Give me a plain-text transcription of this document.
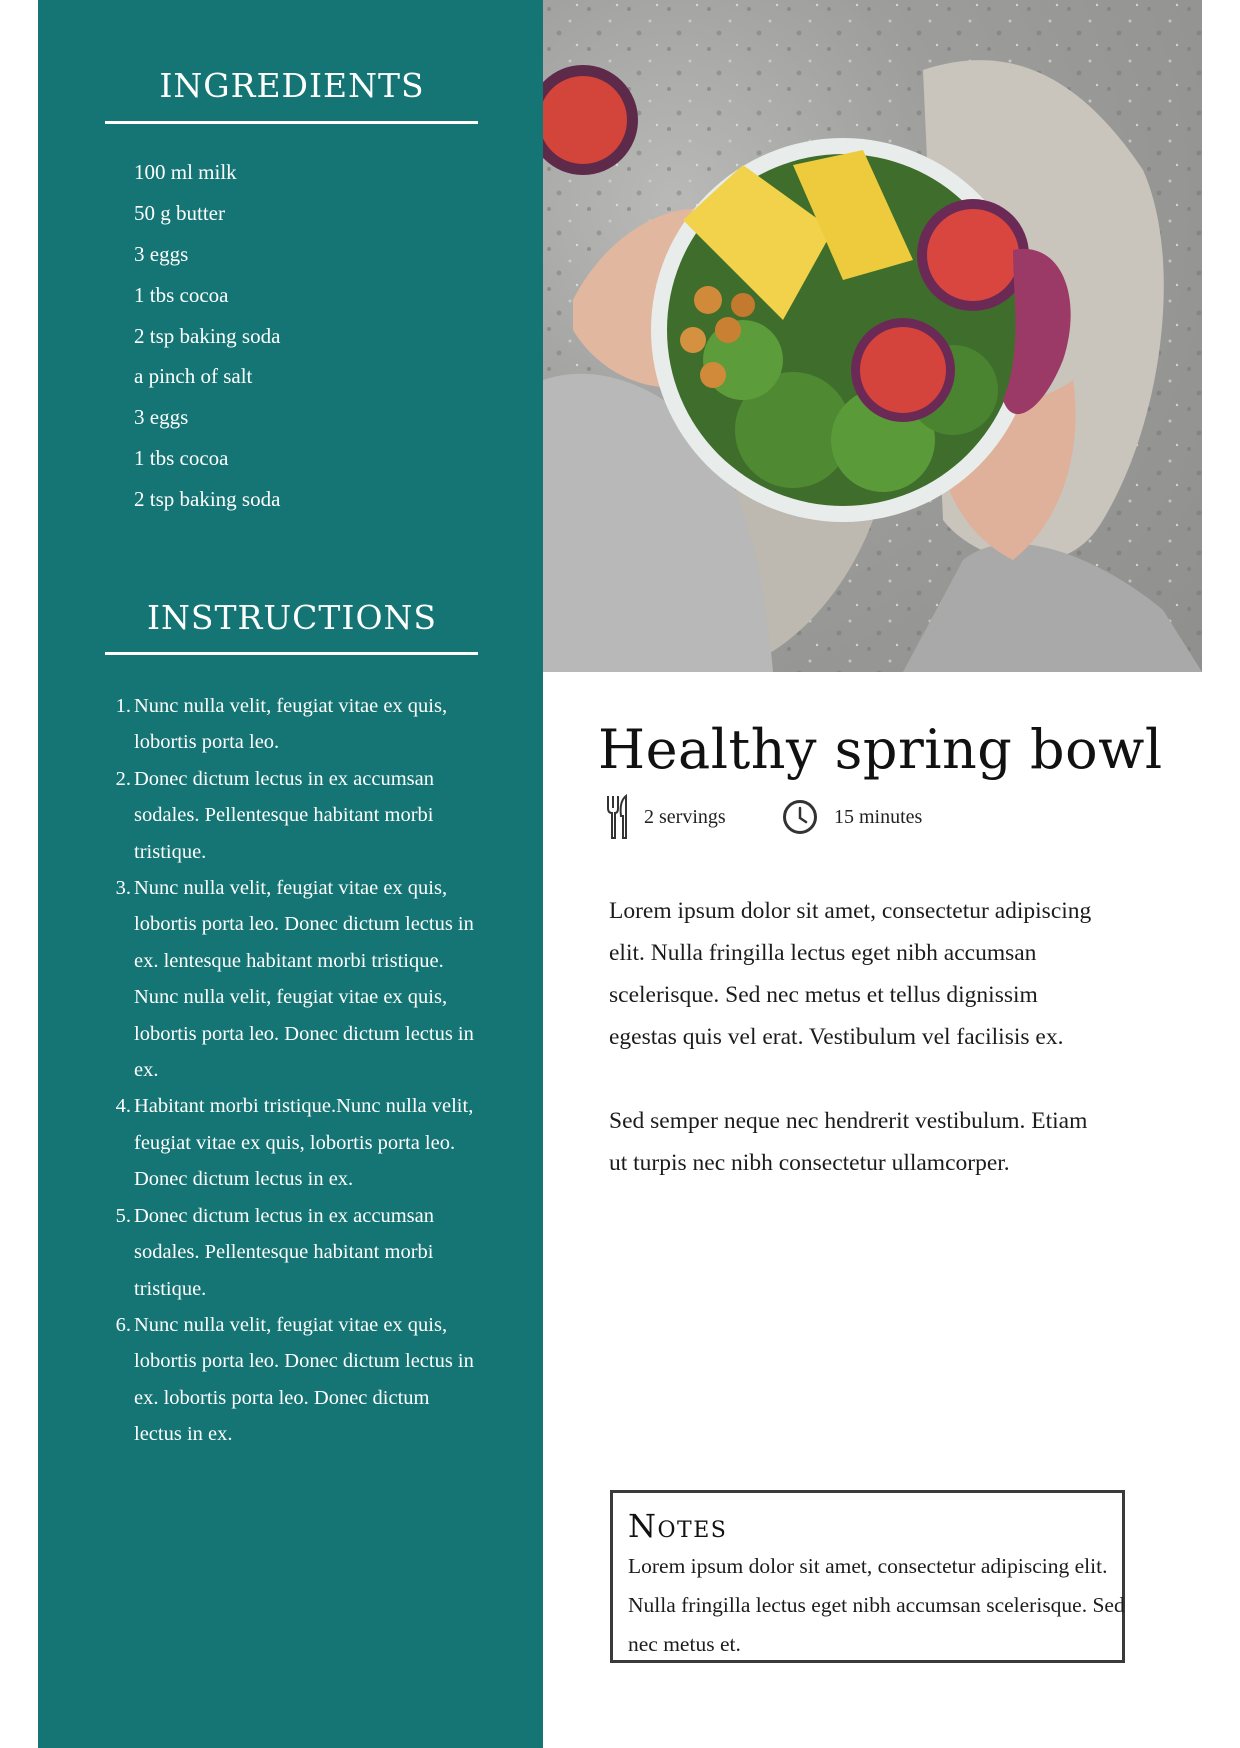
INGREDIENTS
100 ml milk
50 g butter
3 eggs
1 tbs cocoa
2 tsp baking soda
a pinch of salt
3 eggs
1 tbs cocoa
2 tsp baking soda
INSTRUCTIONS
1. Nunc nulla velit, feugiat vitae ex quis, lobortis porta leo.
2. Donec dictum lectus in ex accumsan sodales. Pellentesque habitant morbi tristique.
3. Nunc nulla velit, feugiat vitae ex quis, lobortis porta leo. Donec dictum lectus in ex. lentesque habitant morbi tristique. Nunc nulla velit, feugiat vitae ex quis, lobortis porta leo. Donec dictum lectus in ex.
4. Habitant morbi tristique.Nunc nulla velit, feugiat vitae ex quis, lobortis porta leo. Donec dictum lectus in ex.
5. Donec dictum lectus in ex accumsan sodales. Pellentesque habitant morbi tristique.
6. Nunc nulla velit, feugiat vitae ex quis, lobortis porta leo. Donec dictum lectus in ex. lobortis porta leo. Donec dictum lectus in ex.
Healthy spring bowl
2 servings	15 minutes

Lorem ipsum dolor sit amet, consectetur adipiscing elit. Nulla fringilla lectus eget nibh accumsan scelerisque. Sed nec metus et tellus dignissim egestas quis vel erat. Vestibulum vel facilisis ex.

Sed semper neque nec hendrerit vestibulum. Etiam ut turpis nec nibh consectetur ullamcorper.

Notes

Lorem ipsum dolor sit amet, consectetur adipiscing elit. Nulla fringilla lectus eget nibh accumsan scelerisque. Sed nec metus et.
